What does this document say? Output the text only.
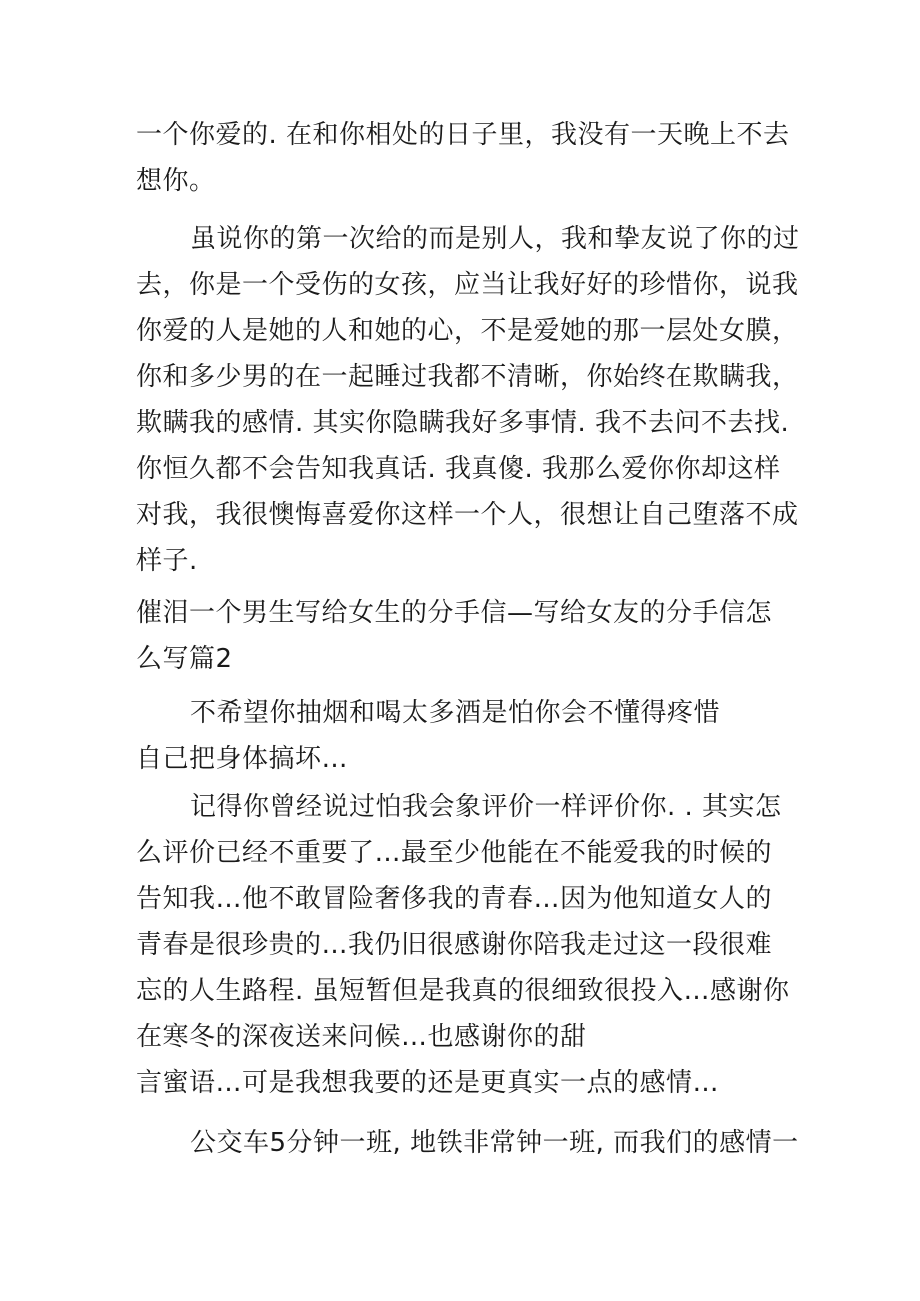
一个你爱的. 在和你相处的日子里，我没有一天晚上不去
想你。
虽说你的第一次给的而是别人，我和挚友说了你的过
去，你是一个受伤的女孩，应当让我好好的珍惜你，说我
你爱的人是她的人和她的心，不是爱她的那一层处女膜，
你和多少男的在一起睡过我都不清晰，你始终在欺瞒我，
欺瞒我的感情. 其实你隐瞒我好多事情. 我不去问不去找.
你恒久都不会告知我真话. 我真傻. 我那么爱你你却这样
对我，我很懊悔喜爱你这样一个人，很想让自己堕落不成
样子.
催泪一个男生写给女生的分手信—写给女友的分手信怎
么写篇2
不希望你抽烟和喝太多酒是怕你会不懂得疼惜
自己把身体搞坏…
记得你曾经说过怕我会象评价一样评价你. . 其实怎
么评价已经不重要了…最至少他能在不能爱我的时候的
告知我…他不敢冒险奢侈我的青春…因为他知道女人的
青春是很珍贵的…我仍旧很感谢你陪我走过这一段很难
忘的人生路程. 虽短暂但是我真的很细致很投入…感谢你
在寒冬的深夜送来问候…也感谢你的甜
言蜜语…可是我想我要的还是更真实一点的感情…
公交车5分钟一班, 地铁非常钟一班, 而我们的感情一
